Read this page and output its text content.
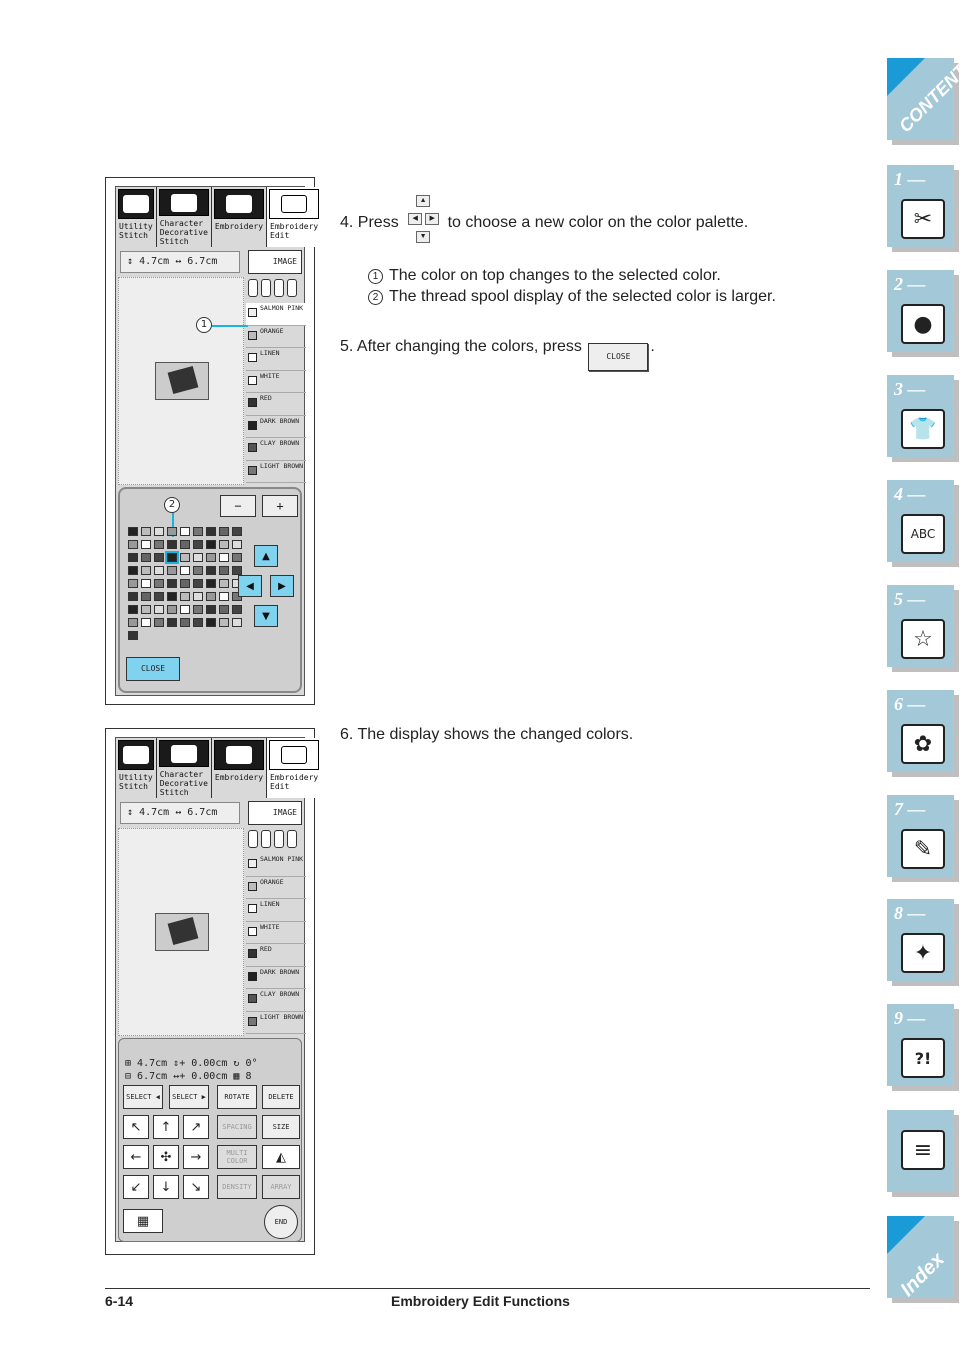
4. Press
▲
◀	▶
▼
to choose a new color on the color palette.
1 The color on top changes to the selected color.
2 The thread spool display of the selected color is larger.
5. After changing the colors, press CLOSE.
6. The display shows the changed colors.
Utility Stitch
Character Decorative Stitch
Embroidery Embroidery Edit
↕ 4.7cm ↔ 6.7cm	IMAGE
SALMON PINK
ORANGE
LINEN
WHITE
RED
DARK BROWN
CLAY BROWN
LIGHT BROWN
1
−	+
2
▲
◀	▶
▼
CLOSE
Utility Stitch
Character Decorative Stitch
Embroidery Embroidery Edit
↕ 4.7cm ↔ 6.7cm	IMAGE
SALMON PINK
ORANGE
LINEN
WHITE
RED
DARK BROWN
CLAY BROWN
LIGHT BROWN
⊞ 4.7cm ⇕+ 0.00cm ↻ 0°
⊟ 6.7cm ↔+ 0.00cm ▦ 8
SELECT ◀	SELECT ▶	ROTATE	DELETE
↖	↑	↗	SPACING	SIZE
←	✣	→	MULTI COLOR	◭
↙	↓	↘	DENSITY	ARRAY
▦	END
6-14	Embroidery Edit Functions
CONTENTS
1 —
✂
2 —
●
3 —
👕
4 —
ABC
5 —
☆
6 —
✿
7 —
✎
8 —
✦
9 —
?!
≡
Index
